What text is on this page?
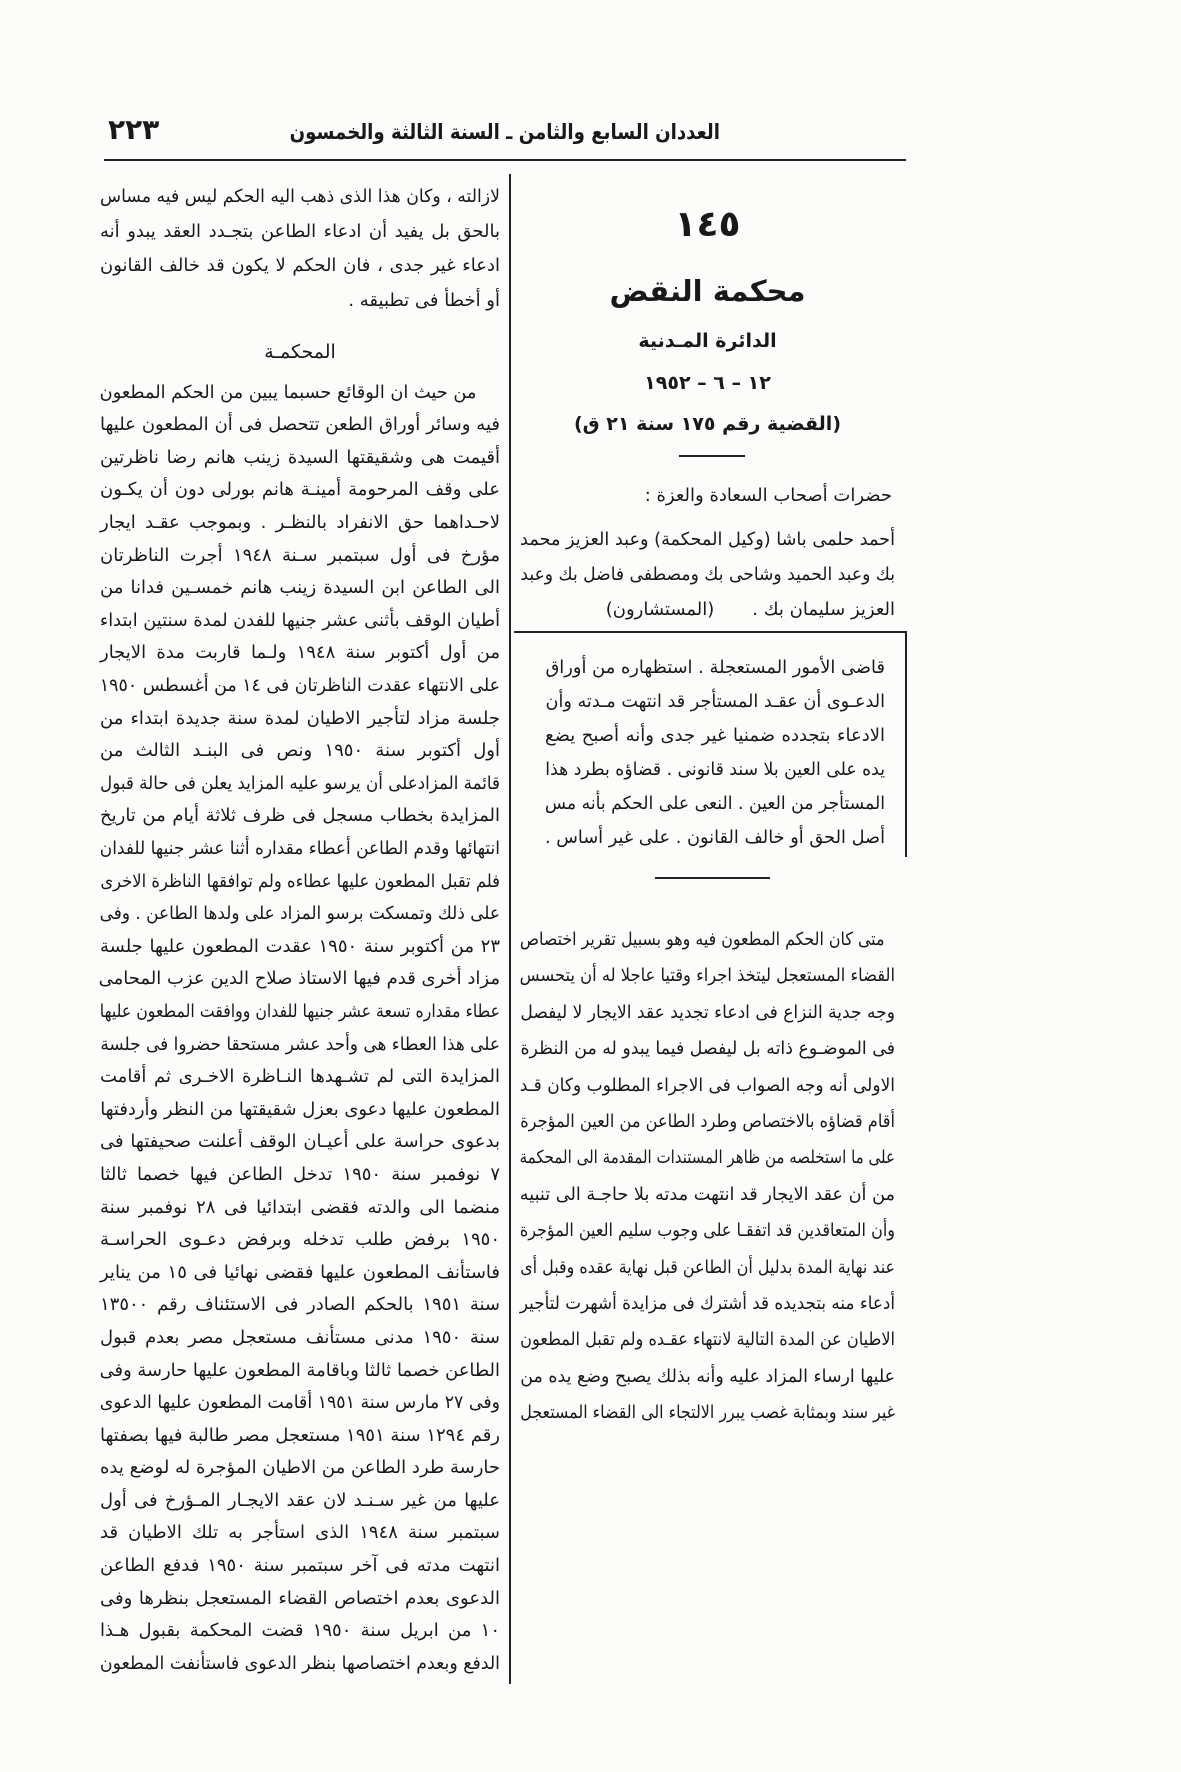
العددان السابع والثامن ـ السنة الثالثة والخمسون
٢٢٣
١٤٥
محكمة النقض
الدائرة المـدنية
١٢ – ٦ – ١٩٥٢
(القضية رقم ١٧٥ سنة ٢١ ق)
حضرات أصحاب السعادة والعزة :
أحمد حلمى باشا (وكيل المحكمة) وعبد العزيز محمد
بك وعبد الحميد وشاحى بك ومصطفى فاضل بك وعبد
العزيز سليمان بك .
(المستشارون)
قاضى الأمور المستعجلة . استظهاره من أوراق
الدعـوى أن عقـد المستأجر قد انتهت مـدته وأن
الادعاء بتجدده ضمنيا غير جدى وأنه أصبح يضع
يده على العين بلا سند قانونى . قضاؤه بطرد هذا
المستأجر من العين . النعى على الحكم بأنه مس
أصل الحق أو خالف القانون . على غير أساس .
متى كان الحكم المطعون فيه وهو بسبيل تقرير اختصاص
القضاء المستعجل ليتخذ اجراء وقتيا عاجلا له أن يتحسس
وجه جدية النزاع فى ادعاء تجديد عقد الايجار لا ليفصل
فى الموضـوع ذاته بل ليفصل فيما يبدو له من النظرة
الاولى أنه وجه الصواب فى الاجراء المطلوب وكان قـد
أقام قضاؤه بالاختصاص وطرد الطاعن من العين المؤجرة
على ما استخلصه من ظاهر المستندات المقدمة الى المحكمة
من أن عقد الايجار قد انتهت مدته بلا حاجـة الى تنبيه
وأن المتعاقدين قد اتفقـا على وجوب سليم العين المؤجرة
عند نهاية المدة بدليل أن الطاعن قبل نهاية عقده وقبل أى
أدعاء منه بتجديده قد أشترك فى مزايدة أشهرت لتأجير
الاطيان عن المدة التالية لانتهاء عقـده ولم تقبل المطعون
عليها ارساء المزاد عليه وأنه بذلك يصبح وضع يده من
غير سند وبمثابة غصب يبرر الالتجاء الى القضاء المستعجل
لازالته ، وكان هذا الذى ذهب اليه الحكم ليس فيه مساس
بالحق بل يفيد أن ادعاء الطاعن بتجـدد العقد يبدو أنه
ادعاء غير جدى ، فان الحكم لا يكون قد خالف القانون
أو أخطأ فى تطبيقه .
المحكمـة
من حيث ان الوقائع حسبما يبين من الحكم المطعون
فيه وسائر أوراق الطعن تتحصل فى أن المطعون عليها
أقيمت هى وشقيقتها السيدة زينب هانم رضا ناظرتين
على وقف المرحومة أمينـة هانم بورلى دون أن يكـون
لاحـداهما حق الانفراد بالنظـر . وبموجب عقـد ايجار
مؤرخ فى أول سبتمبر سـنة ١٩٤٨ أجرت الناظرتان
الى الطاعن ابن السيدة زينب هانم خمسـين فدانا من
أطيان الوقف بأثنى عشر جنيها للفدن لمدة سنتين ابتداء
من أول أكتوبر سنة ١٩٤٨ ولـما قاربت مدة الايجار
على الانتهاء عقدت الناظرتان فى ١٤ من أغسطس ١٩٥٠
جلسة مزاد لتأجير الاطيان لمدة سنة جديدة ابتداء من
أول أكتوبر سنة ١٩٥٠ ونص فى البنـد الثالث من
قائمة المزادعلى أن يرسو عليه المزايد يعلن فى حالة قبول
المزايدة بخطاب مسجل فى ظرف ثلاثة أيام من تاريخ
انتهائها وقدم الطاعن أعطاء مقداره أثنا عشر جنيها للفدان
فلم تقبل المطعون عليها عطاءه ولم توافقها الناظرة الاخرى
على ذلك وتمسكت برسو المزاد على ولدها الطاعن . وفى
٢٣ من أكتوبر سنة ١٩٥٠ عقدت المطعون عليها جلسة
مزاد أخرى قدم فيها الاستاذ صلاح الدين عزب المحامى
عطاء مقداره تسعة عشر جنيها للفدان ووافقت المطعون عليها
على هذا العطاء هى وأحد عشر مستحقا حضروا فى جلسة
المزايدة التى لم تشـهدها النـاظرة الاخـرى ثم أقامت
المطعون عليها دعوى بعزل شقيقتها من النظر وأردفتها
بدعوى حراسة على أعيـان الوقف أعلنت صحيفتها فى
٧ نوفمبر سنة ١٩٥٠ تدخل الطاعن فيها خصما ثالثا
منضما الى والدته فقضى ابتدائيا فى ٢٨ نوفمبر سنة
١٩٥٠ برفض طلب تدخله وبرفض دعـوى الحراسـة
فاستأنف المطعون عليها فقضى نهائيا فى ١٥ من يناير
سنة ١٩٥١ بالحكم الصادر فى الاستئناف رقم ١٣٥٠٠
سنة ١٩٥٠ مدنى مستأنف مستعجل مصر بعدم قبول
الطاعن خصما ثالثا وباقامة المطعون عليها حارسة وفى
وفى ٢٧ مارس سنة ١٩٥١ أقامت المطعون عليها الدعوى
رقم ١٢٩٤ سنة ١٩٥١ مستعجل مصر طالبة فيها بصفتها
حارسة طرد الطاعن من الاطيان المؤجرة له لوضع يده
عليها من غير سـنـد لان عقد الايجـار المـؤرخ فى أول
سبتمبر سنة ١٩٤٨ الذى استأجر به تلك الاطيان قد
انتهت مدته فى آخر سبتمبر سنة ١٩٥٠ فدفع الطاعن
الدعوى بعدم اختصاص القضاء المستعجل بنظرها وفى
١٠ من ابريل سنة ١٩٥٠ قضت المحكمة بقبول هـذا
الدفع وبعدم اختصاصها بنظر الدعوى فاستأنفت المطعون
